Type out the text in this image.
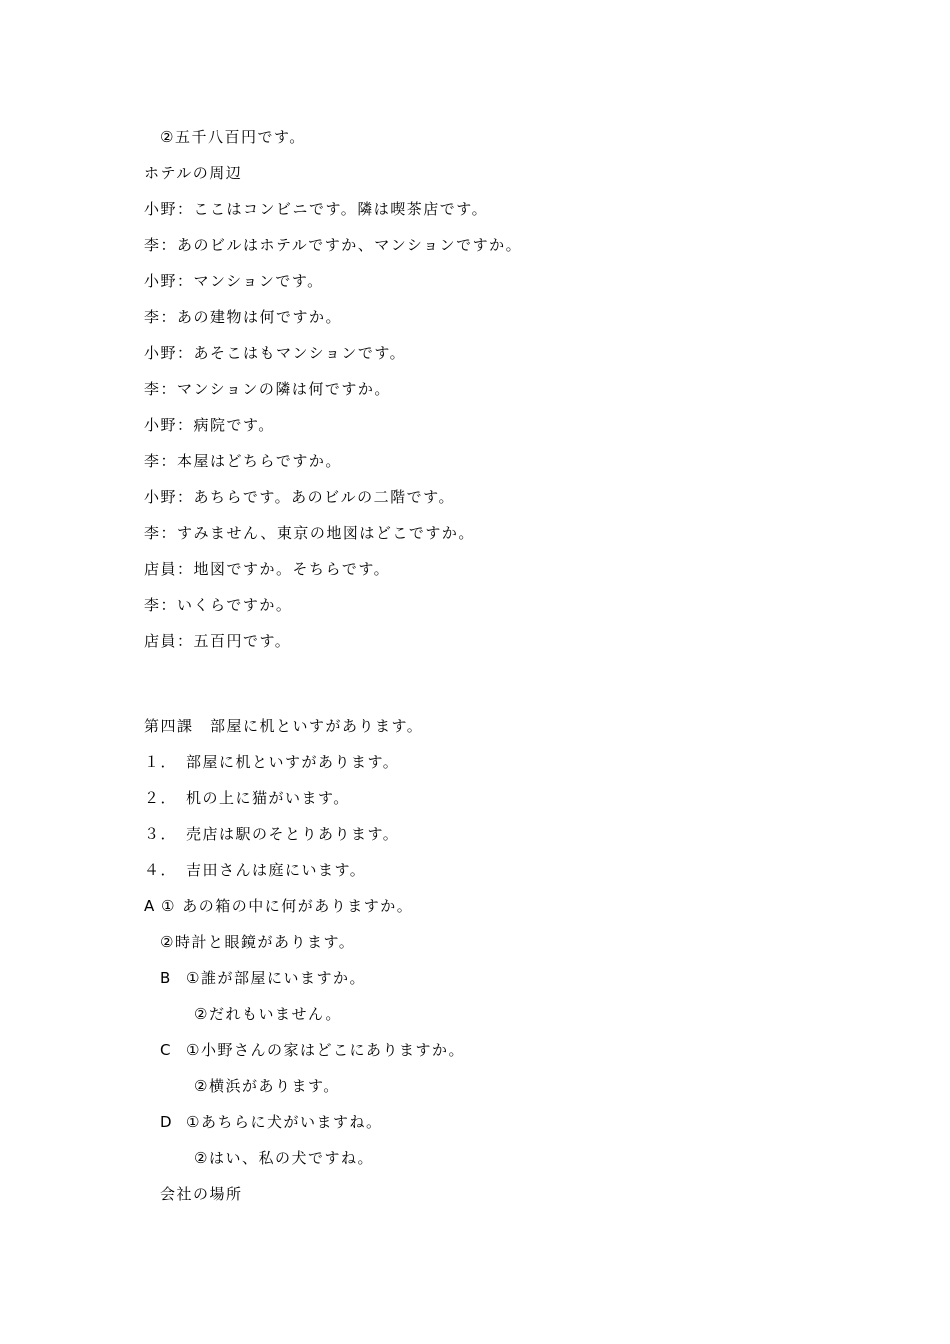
②五千八百円です。
ホテルの周辺
小野：ここはコンビニです。隣は喫茶店です。
李：あのビルはホテルですか、マンションですか。
小野：マンションです。
李：あの建物は何ですか。
小野：あそこはもマンションです。
李：マンションの隣は何ですか。
小野：病院です。
李：本屋はどちらですか。
小野：あちらです。あのビルの二階です。
李：すみません、東京の地図はどこですか。
店員：地図ですか。そちらです。
李：いくらですか。
店員：五百円です。
第四課　部屋に机といすがあります。
１． 部屋に机といすがあります。
２． 机の上に猫がいます。
３． 売店は駅のそとりあります。
４． 吉田さんは庭にいます。
A ① あの箱の中に何がありますか。
②時計と眼鏡があります。
B ①誰が部屋にいますか。
②だれもいません。
C ①小野さんの家はどこにありますか。
②横浜があります。
D ①あちらに犬がいますね。
②はい、私の犬ですね。
会社の場所
